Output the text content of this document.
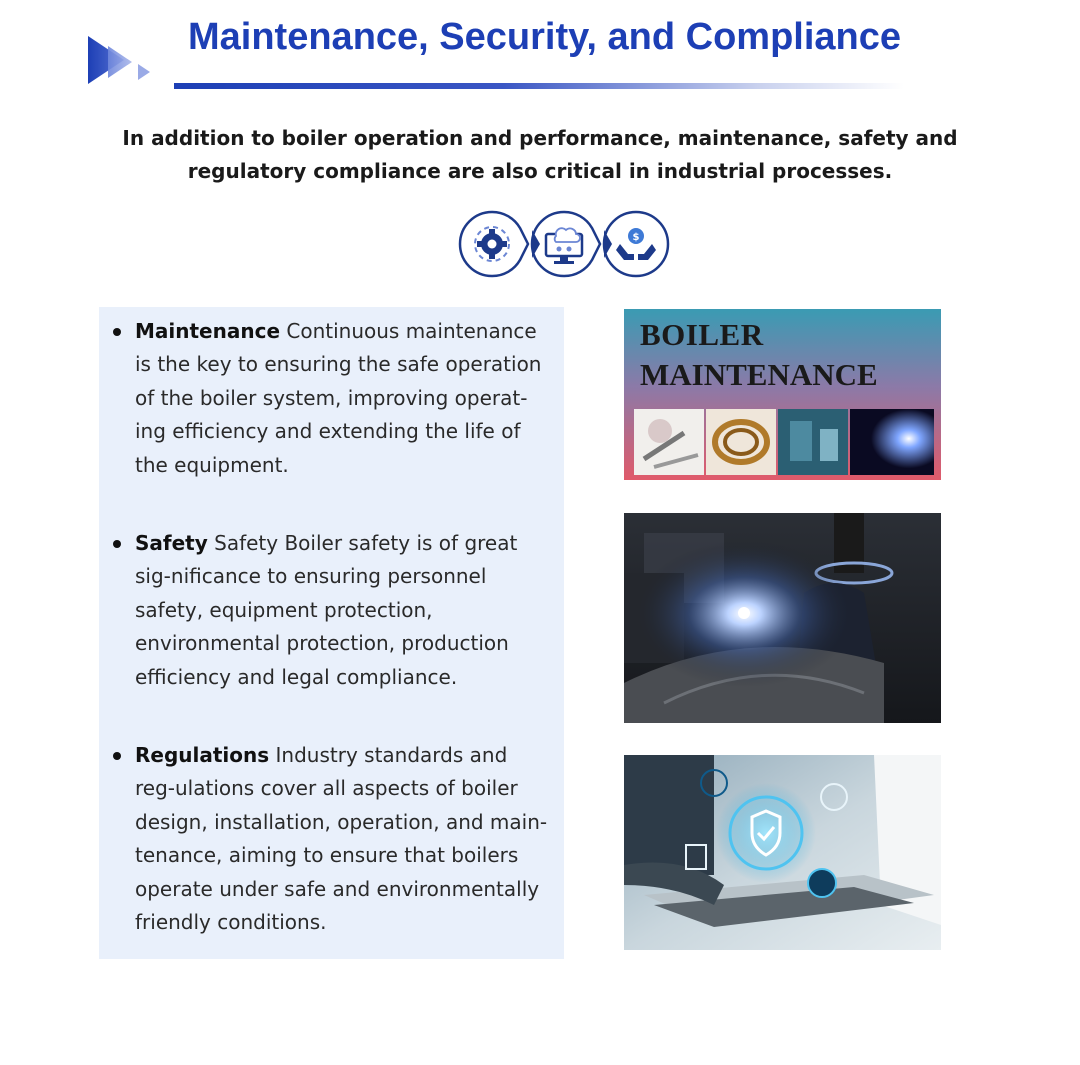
Maintenance, Security, and Compliance

In addition to boiler operation and performance, maintenance, safety and regulatory compliance are also critical in industrial processes.

$

Maintenance Continuous maintenance is the key to ensuring the safe operation of the boiler system, improving operat-ing efficiency and extending the life of the equipment.

Safety Safety Boiler safety is of great sig-nificance to ensuring personnel safety, equipment protection, environmental protection, production efficiency and legal compliance.

Regulations Industry standards and reg-ulations cover all aspects of boiler design, installation, operation, and main-tenance, aiming to ensure that boilers operate under safe and environmentally friendly conditions.

BOILER
MAINTENANCE
